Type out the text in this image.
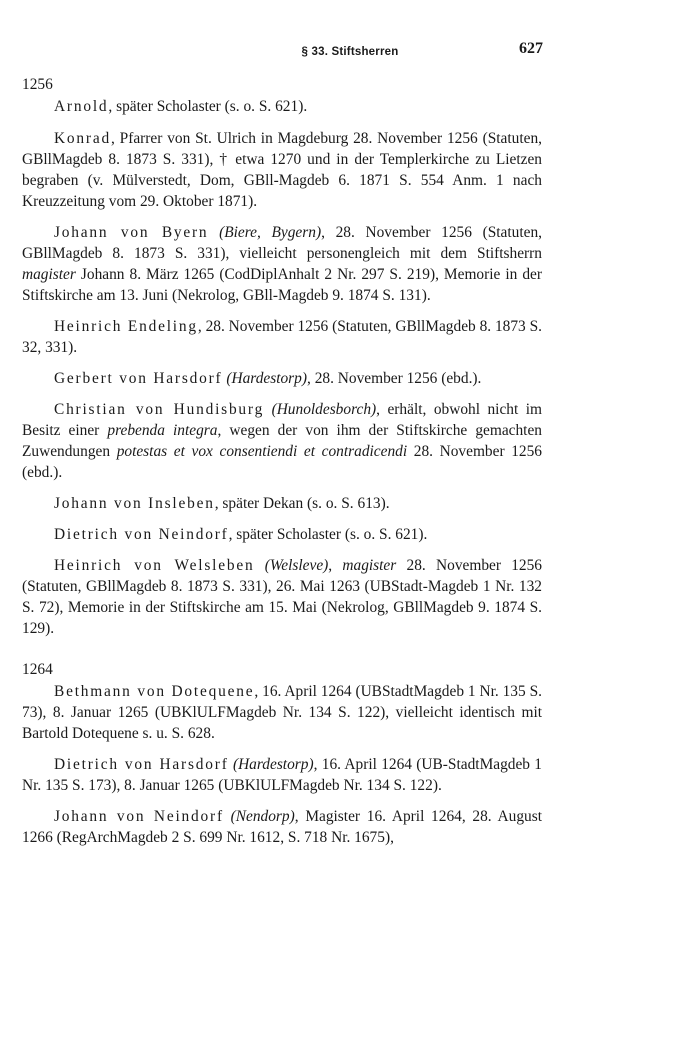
§ 33. Stiftsherren	627
1256

Arnold, später Scholaster (s. o. S. 621).

Konrad, Pfarrer von St. Ulrich in Magdeburg 28. November 1256 (Statuten, GBllMagdeb 8. 1873 S. 331), † etwa 1270 und in der Templerkirche zu Lietzen begraben (v. Mülverstedt, Dom, GBll-Magdeb 6. 1871 S. 554 Anm. 1 nach Kreuzzeitung vom 29. Oktober 1871).

Johann von Byern (Biere, Bygern), 28. November 1256 (Statuten, GBllMagdeb 8. 1873 S. 331), vielleicht personengleich mit dem Stiftsherrn magister Johann 8. März 1265 (CodDiplAnhalt 2 Nr. 297 S. 219), Memorie in der Stiftskirche am 13. Juni (Nekrolog, GBll-Magdeb 9. 1874 S. 131).

Heinrich Endeling, 28. November 1256 (Statuten, GBllMagdeb 8. 1873 S. 32, 331).

Gerbert von Harsdorf (Hardestorp), 28. November 1256 (ebd.).

Christian von Hundisburg (Hunoldesborch), erhält, obwohl nicht im Besitz einer prebenda integra, wegen der von ihm der Stiftskirche gemachten Zuwendungen potestas et vox consentiendi et contradicendi 28. November 1256 (ebd.).

Johann von Insleben, später Dekan (s. o. S. 613).

Dietrich von Neindorf, später Scholaster (s. o. S. 621).

Heinrich von Welsleben (Welsleve), magister 28. November 1256 (Statuten, GBllMagdeb 8. 1873 S. 331), 26. Mai 1263 (UBStadt-Magdeb 1 Nr. 132 S. 72), Memorie in der Stiftskirche am 15. Mai (Nekrolog, GBllMagdeb 9. 1874 S. 129).

1264

Bethmann von Dotequene, 16. April 1264 (UBStadtMagdeb 1 Nr. 135 S. 73), 8. Januar 1265 (UBKlULFMagdeb Nr. 134 S. 122), vielleicht identisch mit Bartold Dotequene s. u. S. 628.

Dietrich von Harsdorf (Hardestorp), 16. April 1264 (UB-StadtMagdeb 1 Nr. 135 S. 173), 8. Januar 1265 (UBKlULFMagdeb Nr. 134 S. 122).

Johann von Neindorf (Nendorp), Magister 16. April 1264, 28. August 1266 (RegArchMagdeb 2 S. 699 Nr. 1612, S. 718 Nr. 1675),
